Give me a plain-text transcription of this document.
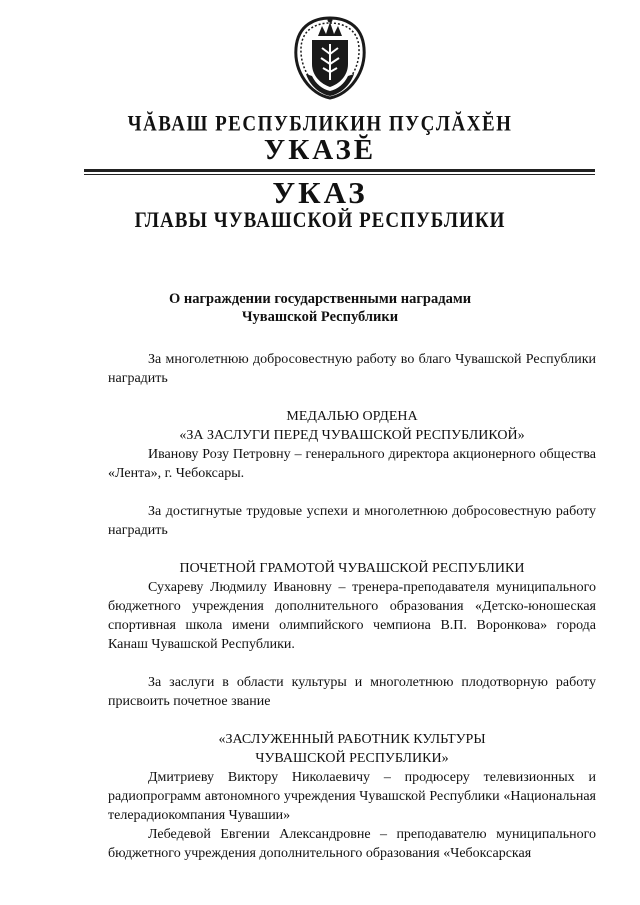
ЧĂВАШ РЕСПУБЛИКИН ПУÇЛĂХĔН
УКАЗĔ
УКАЗ
ГЛАВЫ ЧУВАШСКОЙ РЕСПУБЛИКИ
О награждении государственными наградами
Чувашской Республики

За многолетнюю добросовестную работу во благо Чувашской Республики наградить

МЕДАЛЬЮ ОРДЕНА

«ЗА ЗАСЛУГИ ПЕРЕД ЧУВАШСКОЙ РЕСПУБЛИКОЙ»

Иванову Розу Петровну – генерального директора акционерного общества «Лента», г. Чебоксары.

За достигнутые трудовые успехи и многолетнюю добросовестную работу наградить

ПОЧЕТНОЙ ГРАМОТОЙ ЧУВАШСКОЙ РЕСПУБЛИКИ

Сухареву Людмилу Ивановну – тренера-преподавателя муниципального бюджетного учреждения дополнительного образования «Детско-юношеская спортивная школа имени олимпийского чемпиона В.П. Воронкова» города Канаш Чувашской Республики.

За заслуги в области культуры и многолетнюю плодотворную работу присвоить почетное звание

«ЗАСЛУЖЕННЫЙ РАБОТНИК КУЛЬТУРЫ

ЧУВАШСКОЙ РЕСПУБЛИКИ»

Дмитриеву Виктору Николаевичу – продюсеру телевизионных и радиопрограмм автономного учреждения Чувашской Республики «Национальная телерадиокомпания Чувашии»

Лебедевой Евгении Александровне – преподавателю муниципального бюджетного учреждения дополнительного образования «Чебоксарская
